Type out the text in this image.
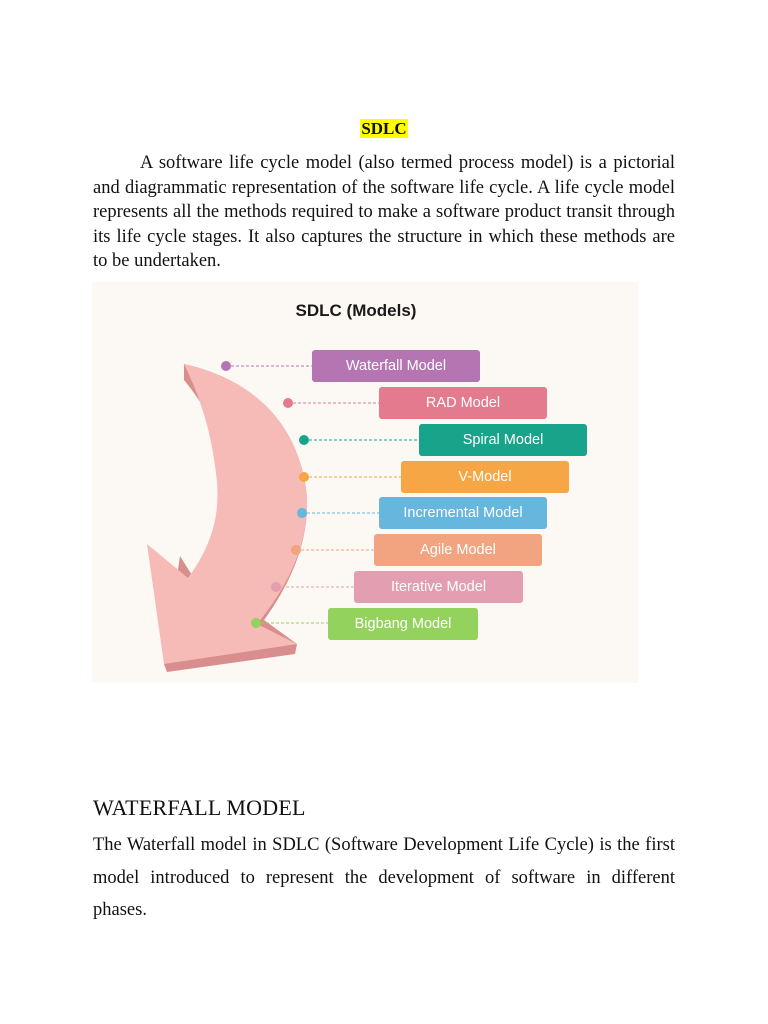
SDLC

A software life cycle model (also termed process model) is a pictorial and diagrammatic representation of the software life cycle. A life cycle model represents all the methods required to make a software product transit through its life cycle stages. It also captures the structure in which these methods are to be undertaken.

SDLC (Models)
Waterfall Model
RAD Model
Spiral Model
V-Model
Incremental Model
Agile Model
Iterative Model
Bigbang Model
WATERFALL MODEL

The Waterfall model in SDLC (Software Development Life Cycle) is the first model introduced to represent the development of software in different phases.
